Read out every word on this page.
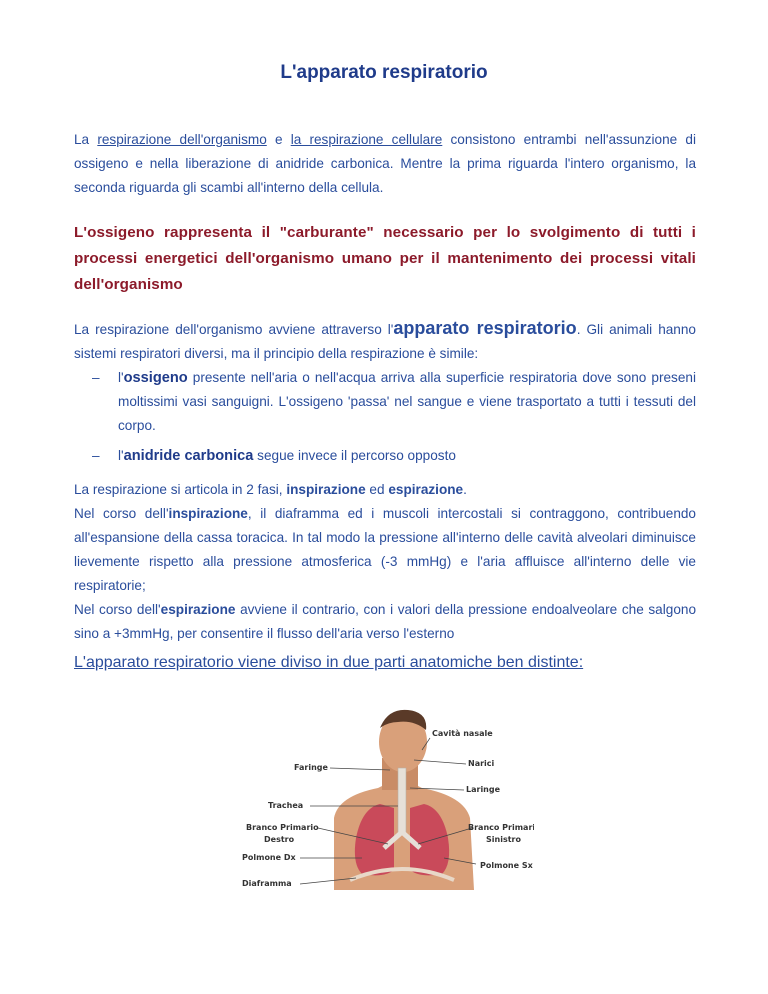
L'apparato respiratorio
La respirazione dell'organismo e la respirazione cellulare consistono entrambi nell'assunzione di ossigeno e nella liberazione di anidride carbonica. Mentre la prima riguarda l'intero organismo, la seconda riguarda gli scambi all'interno della cellula.
L'ossigeno rappresenta il "carburante" necessario per lo svolgimento di tutti i processi energetici dell'organismo umano per il mantenimento dei processi vitali dell'organismo
La respirazione dell'organismo avviene attraverso l'apparato respiratorio. Gli animali hanno sistemi respiratori diversi, ma il principio della respirazione è simile:
– l'ossigeno presente nell'aria o nell'acqua arriva alla superficie respiratoria dove sono preseni moltissimi vasi sanguigni. L'ossigeno 'passa' nel sangue e viene trasportato a tutti i tessuti del corpo.
– l'anidride carbonica segue invece il percorso opposto
La respirazione si articola in 2 fasi, inspirazione ed espirazione.
Nel corso dell'inspirazione, il diaframma ed i muscoli intercostali si contraggono, contribuendo all'espansione della cassa toracica. In tal modo la pressione all'interno delle cavità alveolari diminuisce lievemente rispetto alla pressione atmosferica (-3 mmHg) e l'aria affluisce all'interno delle vie respiratorie;
Nel corso dell'espirazione avviene il contrario, con i valori della pressione endoalveolare che salgono sino a +3mmHg, per consentire il flusso dell'aria verso l'esterno
L'apparato respiratorio viene diviso in due parti anatomiche ben distinte:
Cavità nasale
Narici
Faringe
Laringe
Trachea
Branco Primario
Destro
Branco Primario
Sinistro
Polmone Dx
Polmone Sx
Diaframma
